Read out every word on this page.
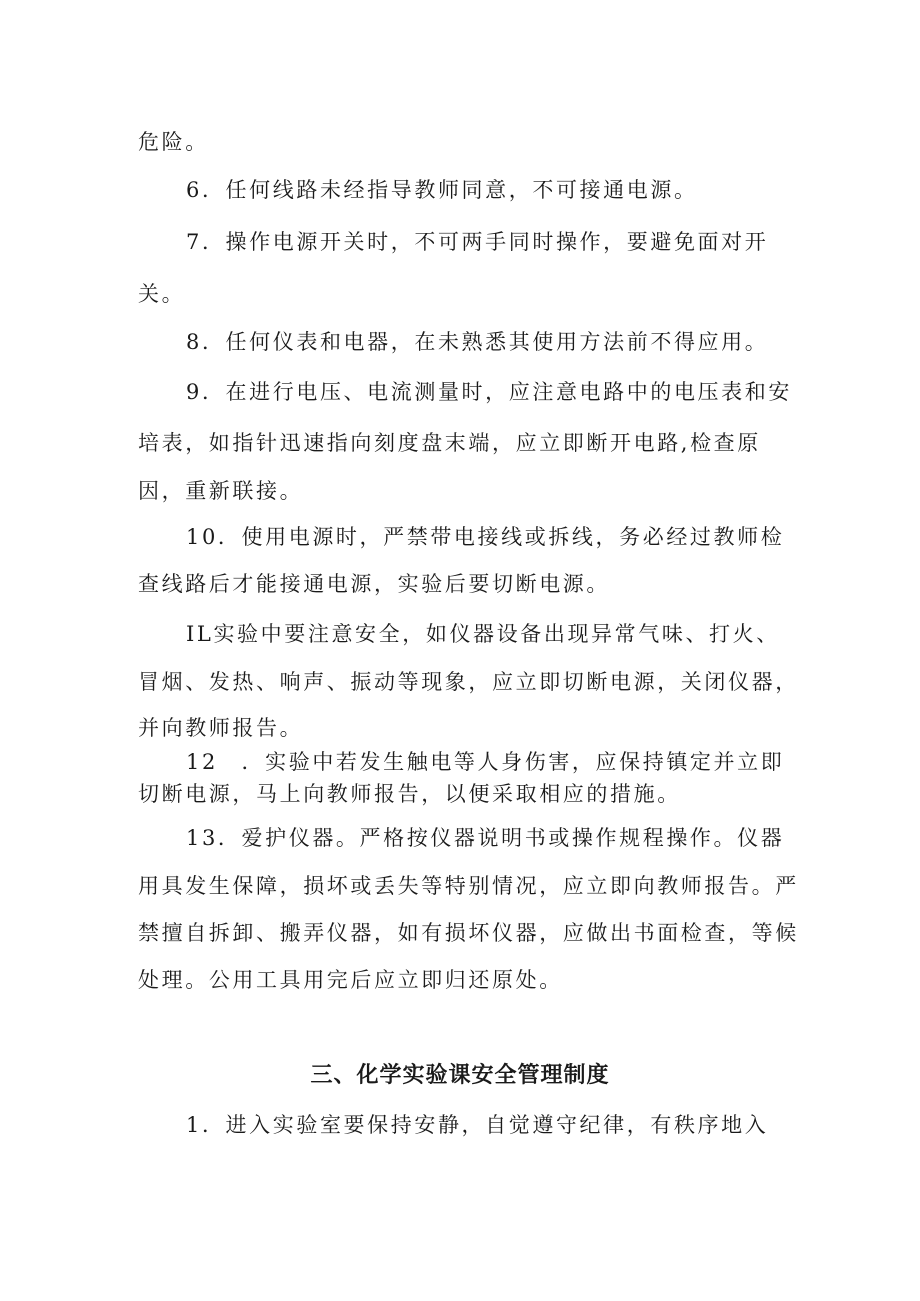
危险。
6．任何线路未经指导教师同意，不可接通电源。
7．操作电源开关时，不可两手同时操作，要避免面对开
关。
8．任何仪表和电器，在未熟悉其使用方法前不得应用。
9．在进行电压、电流测量时，应注意电路中的电压表和安
培表，如指针迅速指向刻度盘末端，应立即断开电路,检查原
因，重新联接。
10．使用电源时，严禁带电接线或拆线，务必经过教师检
查线路后才能接通电源，实验后要切断电源。
IL实验中要注意安全，如仪器设备出现异常气味、打火、
冒烟、发热、响声、振动等现象，应立即切断电源，关闭仪器，
并向教师报告。
12　．实验中若发生触电等人身伤害，应保持镇定并立即
切断电源，马上向教师报告，以便采取相应的措施。
13．爱护仪器。严格按仪器说明书或操作规程操作。仪器
用具发生保障，损坏或丢失等特别情况，应立即向教师报告。严
禁擅自拆卸、搬弄仪器，如有损坏仪器，应做出书面检查，等候
处理。公用工具用完后应立即归还原处。
三、化学实验课安全管理制度
1．进入实验室要保持安静，自觉遵守纪律，有秩序地入
